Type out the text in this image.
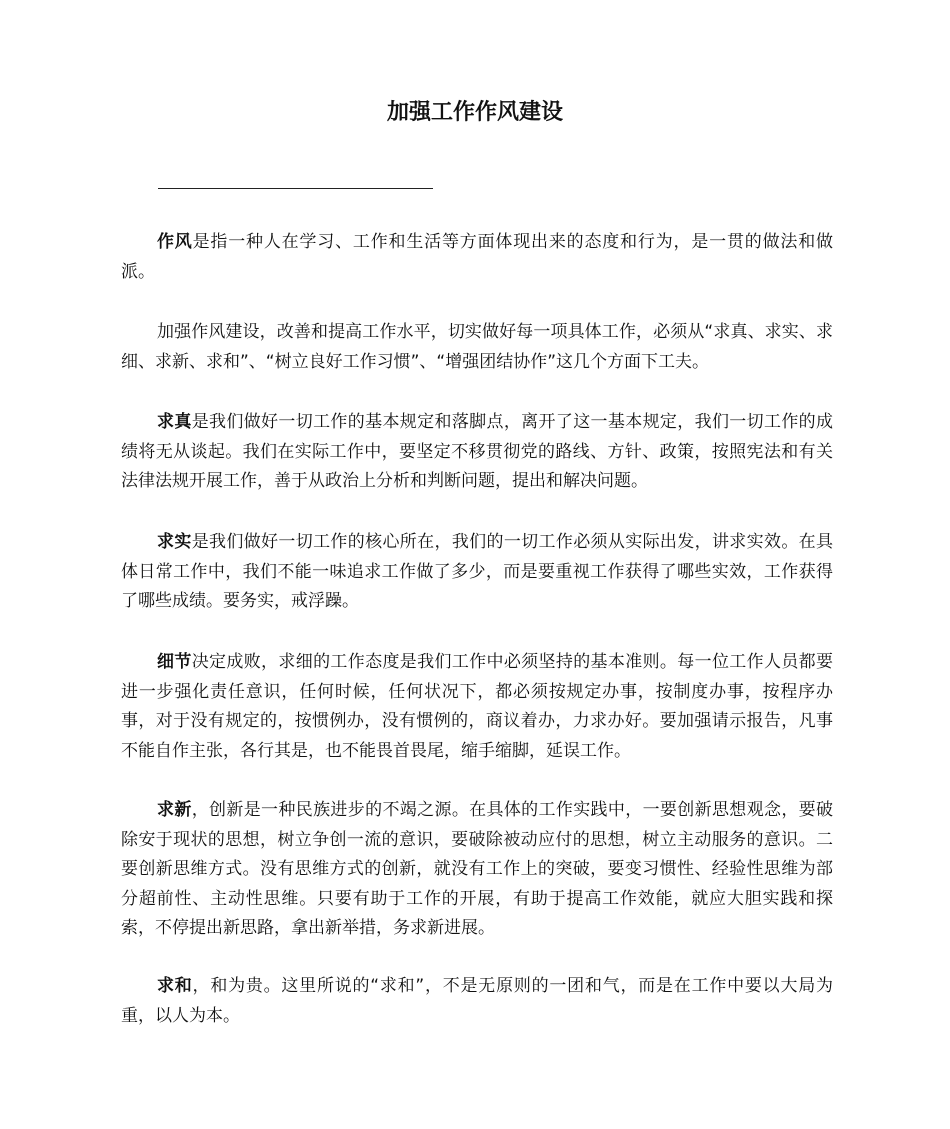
加强工作作风建设

作风是指一种人在学习、工作和生活等方面体现出来的态度和行为，是一贯的做法和做派。

加强作风建设，改善和提高工作水平，切实做好每一项具体工作，必须从“求真、求实、求细、求新、求和”、“树立良好工作习惯”、“增强团结协作”这几个方面下工夫。

求真是我们做好一切工作的基本规定和落脚点，离开了这一基本规定，我们一切工作的成绩将无从谈起。我们在实际工作中，要坚定不移贯彻党的路线、方针、政策，按照宪法和有关法律法规开展工作，善于从政治上分析和判断问题，提出和解决问题。

求实是我们做好一切工作的核心所在，我们的一切工作必须从实际出发，讲求实效。在具体日常工作中，我们不能一味追求工作做了多少，而是要重视工作获得了哪些实效，工作获得了哪些成绩。要务实，戒浮躁。

细节决定成败，求细的工作态度是我们工作中必须坚持的基本准则。每一位工作人员都要进一步强化责任意识，任何时候，任何状况下，都必须按规定办事，按制度办事，按程序办事，对于没有规定的，按惯例办，没有惯例的，商议着办，力求办好。要加强请示报告，凡事不能自作主张，各行其是，也不能畏首畏尾，缩手缩脚，延误工作。

求新，创新是一种民族进步的不竭之源。在具体的工作实践中，一要创新思想观念，要破除安于现状的思想，树立争创一流的意识，要破除被动应付的思想，树立主动服务的意识。二要创新思维方式。没有思维方式的创新，就没有工作上的突破，要变习惯性、经验性思维为部分超前性、主动性思维。只要有助于工作的开展，有助于提高工作效能，就应大胆实践和探索，不停提出新思路，拿出新举措，务求新进展。

求和，和为贵。这里所说的“求和”，不是无原则的一团和气，而是在工作中要以大局为重，以人为本。
